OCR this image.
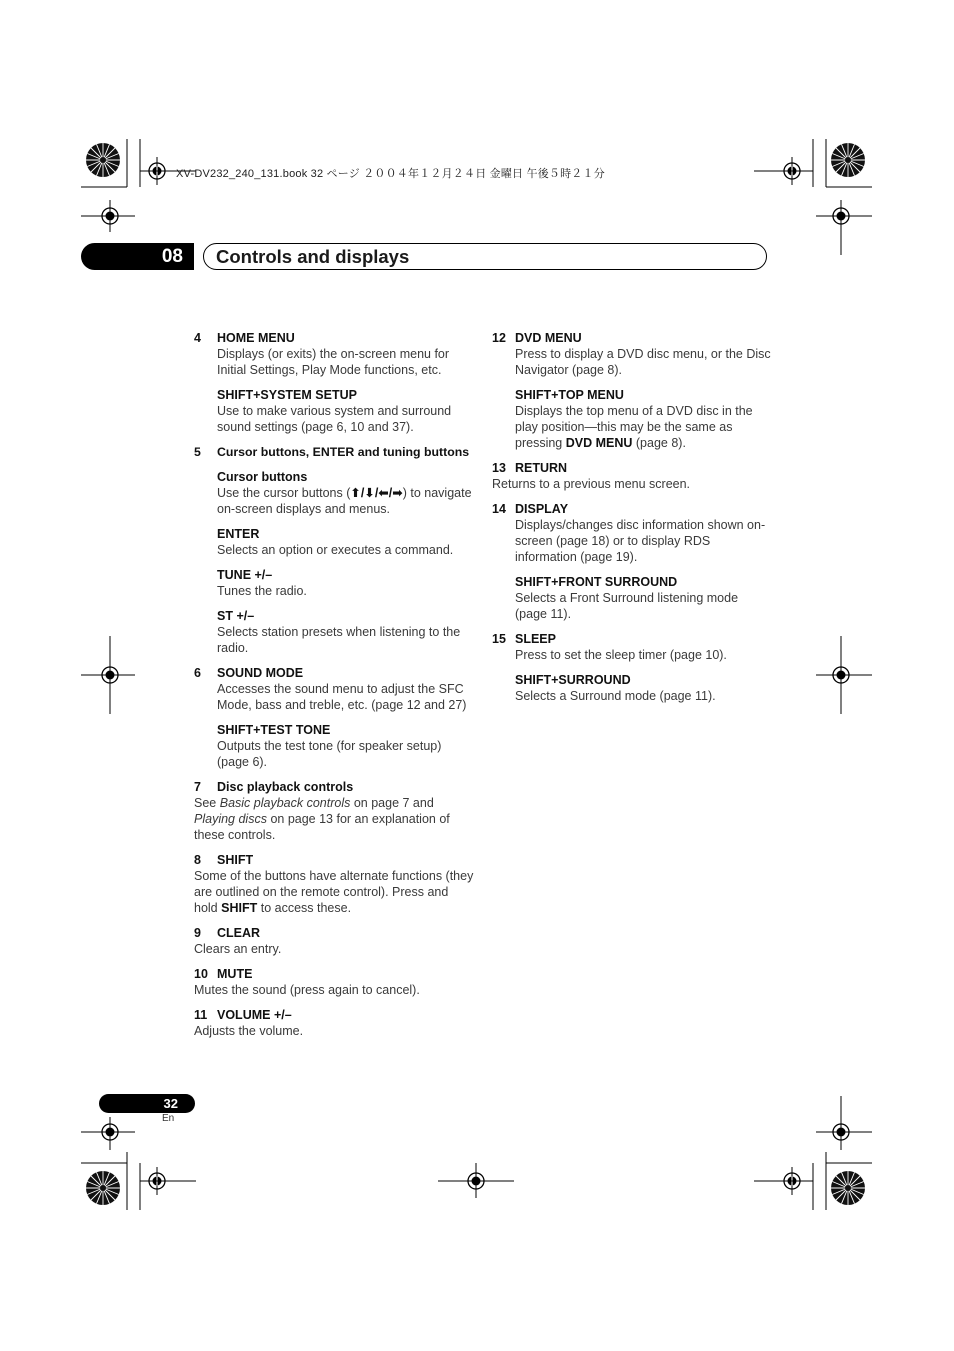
XV-DV232_240_131.book 32 ページ ２００４年１２月２４日 金曜日 午後５時２１分
08	Controls and displays

4 HOME MENU

Displays (or exits) the on-screen menu for Initial Settings, Play Mode functions, etc.

SHIFT+SYSTEM SETUP

Use to make various system and surround sound settings (page 6, 10 and 37).

5 Cursor buttons, ENTER and tuning buttons

Cursor buttons

Use the cursor buttons (⬆/⬇/⬅/➡) to navigate on-screen displays and menus.

ENTER

Selects an option or executes a command.

TUNE +/–

Tunes the radio.

ST +/–

Selects station presets when listening to the radio.

6 SOUND MODE

Accesses the sound menu to adjust the SFC Mode, bass and treble, etc. (page 12 and 27)

SHIFT+TEST TONE

Outputs the test tone (for speaker setup) (page 6).

7 Disc playback controls

See Basic playback controls on page 7 and Playing discs on page 13 for an explanation of these controls.

8 SHIFT

Some of the buttons have alternate functions (they are outlined on the remote control). Press and hold SHIFT to access these.

9 CLEAR

Clears an entry.

10 MUTE

Mutes the sound (press again to cancel).

11 VOLUME +/–

Adjusts the volume.

12 DVD MENU

Press to display a DVD disc menu, or the Disc Navigator (page 8).

SHIFT+TOP MENU

Displays the top menu of a DVD disc in the play position—this may be the same as pressing DVD MENU (page 8).

13 RETURN

Returns to a previous menu screen.

14 DISPLAY

Displays/changes disc information shown on-screen (page 18) or to display RDS information (page 19).

SHIFT+FRONT SURROUND

Selects a Front Surround listening mode (page 11).

15 SLEEP

Press to set the sleep timer (page 10).

SHIFT+SURROUND

Selects a Surround mode (page 11).

32
En
